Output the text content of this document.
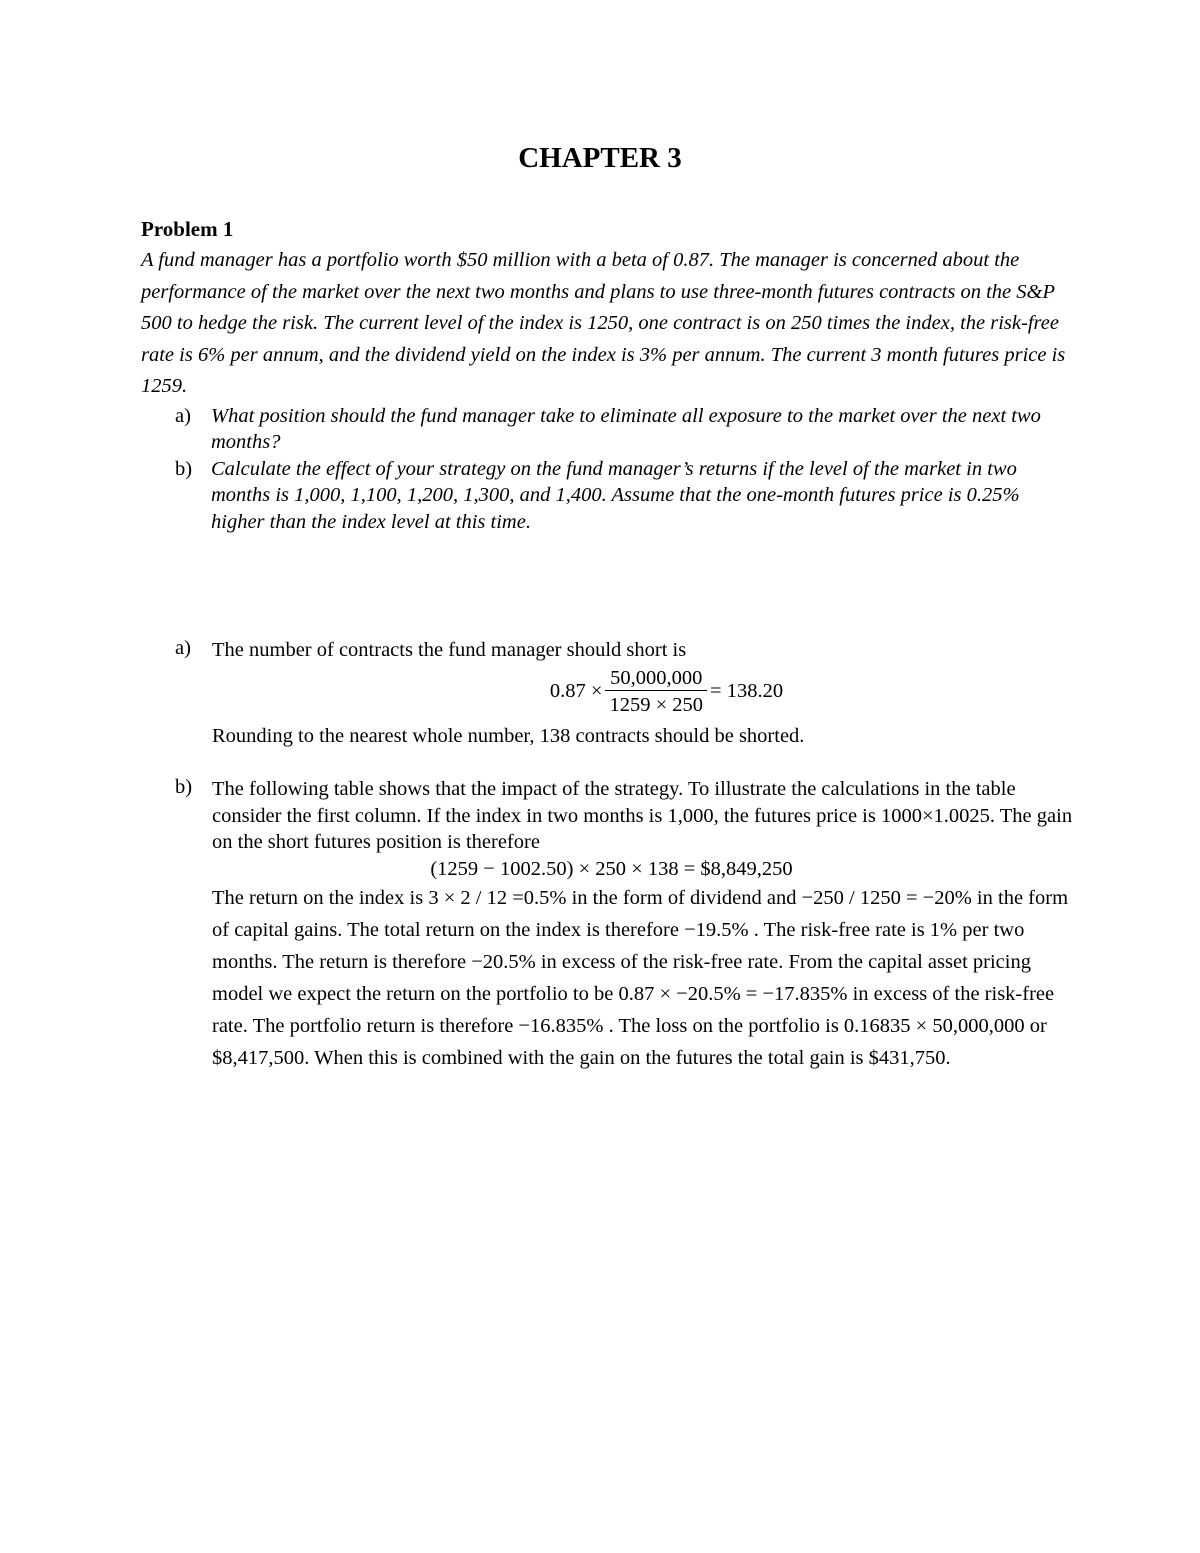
CHAPTER 3
Problem 1

A fund manager has a portfolio worth $50 million with a beta of 0.87. The manager is concerned about the performance of the market over the next two months and plans to use three-month futures contracts on the S&P 500 to hedge the risk. The current level of the index is 1250, one contract is on 250 times the index, the risk-free rate is 6% per annum, and the dividend yield on the index is 3% per annum. The current 3 month futures price is 1259.

a) What position should the fund manager take to eliminate all exposure to the market over the next two months?
b) Calculate the effect of your strategy on the fund manager’s returns if the level of the market in two months is 1,000, 1,100, 1,200, 1,300, and 1,400. Assume that the one-month futures price is 0.25% higher than the index level at this time.
a) The number of contracts the fund manager should short is
$0.87 \times \frac{50,000,000}{1259 \times 250} = 138.20$
Rounding to the nearest whole number, 138 contracts should be shorted.
b) The following table shows that the impact of the strategy. To illustrate the calculations in the table consider the first column. If the index in two months is 1,000, the futures price is 1000×1.0025. The gain on the short futures position is therefore

(1259 − 1002.50) × 250 × 138 = $8,849,250

The return on the index is 3 × 2 / 12 =0.5% in the form of dividend and −250 / 1250 = −20% in the form of capital gains. The total return on the index is therefore −19.5% . The risk-free rate is 1% per two months. The return is therefore −20.5% in excess of the risk-free rate. From the capital asset pricing model we expect the return on the portfolio to be 0.87 × −20.5% = −17.835% in excess of the risk-free rate. The portfolio return is therefore −16.835% . The loss on the portfolio is 0.16835 × 50,000,000 or $8,417,500. When this is combined with the gain on the futures the total gain is $431,750.
